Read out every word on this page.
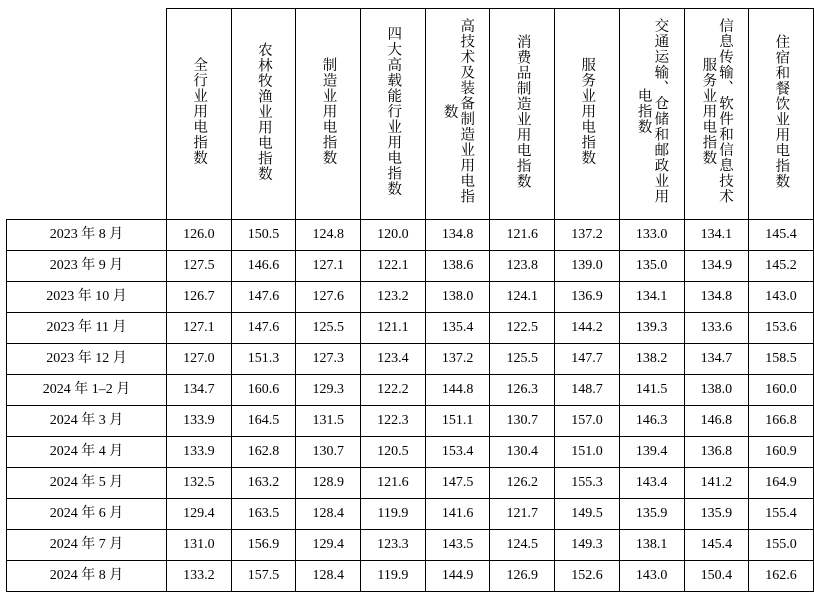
	全行业用电指数	农林牧渔业用电指数	制造业用电指数	四大高载能行业用电指数	高技术及装备制造业用电指数	消费品制造业用电指数	服务业用电指数	交通运输、仓储和邮政业用电指数	信息传输、软件和信息技术服务业用电指数	住宿和餐饮业用电指数
2023 年 8 月	126.0	150.5	124.8	120.0	134.8	121.6	137.2	133.0	134.1	145.4
2023 年 9 月	127.5	146.6	127.1	122.1	138.6	123.8	139.0	135.0	134.9	145.2
2023 年 10 月	126.7	147.6	127.6	123.2	138.0	124.1	136.9	134.1	134.8	143.0
2023 年 11 月	127.1	147.6	125.5	121.1	135.4	122.5	144.2	139.3	133.6	153.6
2023 年 12 月	127.0	151.3	127.3	123.4	137.2	125.5	147.7	138.2	134.7	158.5
2024 年 1–2 月	134.7	160.6	129.3	122.2	144.8	126.3	148.7	141.5	138.0	160.0
2024 年 3 月	133.9	164.5	131.5	122.3	151.1	130.7	157.0	146.3	146.8	166.8
2024 年 4 月	133.9	162.8	130.7	120.5	153.4	130.4	151.0	139.4	136.8	160.9
2024 年 5 月	132.5	163.2	128.9	121.6	147.5	126.2	155.3	143.4	141.2	164.9
2024 年 6 月	129.4	163.5	128.4	119.9	141.6	121.7	149.5	135.9	135.9	155.4
2024 年 7 月	131.0	156.9	129.4	123.3	143.5	124.5	149.3	138.1	145.4	155.0
2024 年 8 月	133.2	157.5	128.4	119.9	144.9	126.9	152.6	143.0	150.4	162.6
